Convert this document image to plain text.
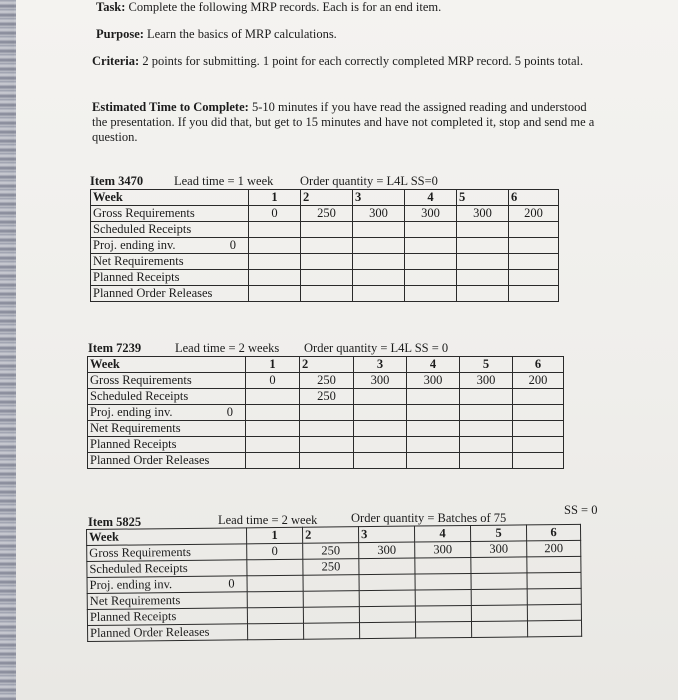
Task: Complete the following MRP records. Each is for an end item.
Purpose: Learn the basics of MRP calculations.
Criteria: 2 points for submitting. 1 point for each correctly completed MRP record. 5 points total.
Estimated Time to Complete: 5-10 minutes if you have read the assigned reading and understood the presentation. If you did that, but get to 15 minutes and have not completed it, stop and send me a question.
Item 3470 Lead time = 1 week Order quantity = L4L SS=0
Week	1	2	3	4	5	6
Gross Requirements	0	250	300	300	300	200
Scheduled Receipts						
Proj. ending inv. 0						

Net Requirements						
Planned Receipts						
Planned Order Releases						
Item 7239	Lead time = 2 weeks Order quantity = L4L SS = 0
Week	1	2	3	4	5	6
Gross Requirements	0	250	300	300	300	200
Scheduled Receipts		250				
Proj. ending inv. 0						

Net Requirements						
Planned Receipts						
Planned Order Releases						
SS = 0
Item 5825	Lead time = 2 week	Order quantity = Batches of 75
Week	1	2	3	4	5	6
Gross Requirements	0	250	300	300	300	200
Scheduled Receipts		250				
Proj. ending inv. 0						

Net Requirements						
Planned Receipts						
Planned Order Releases						
